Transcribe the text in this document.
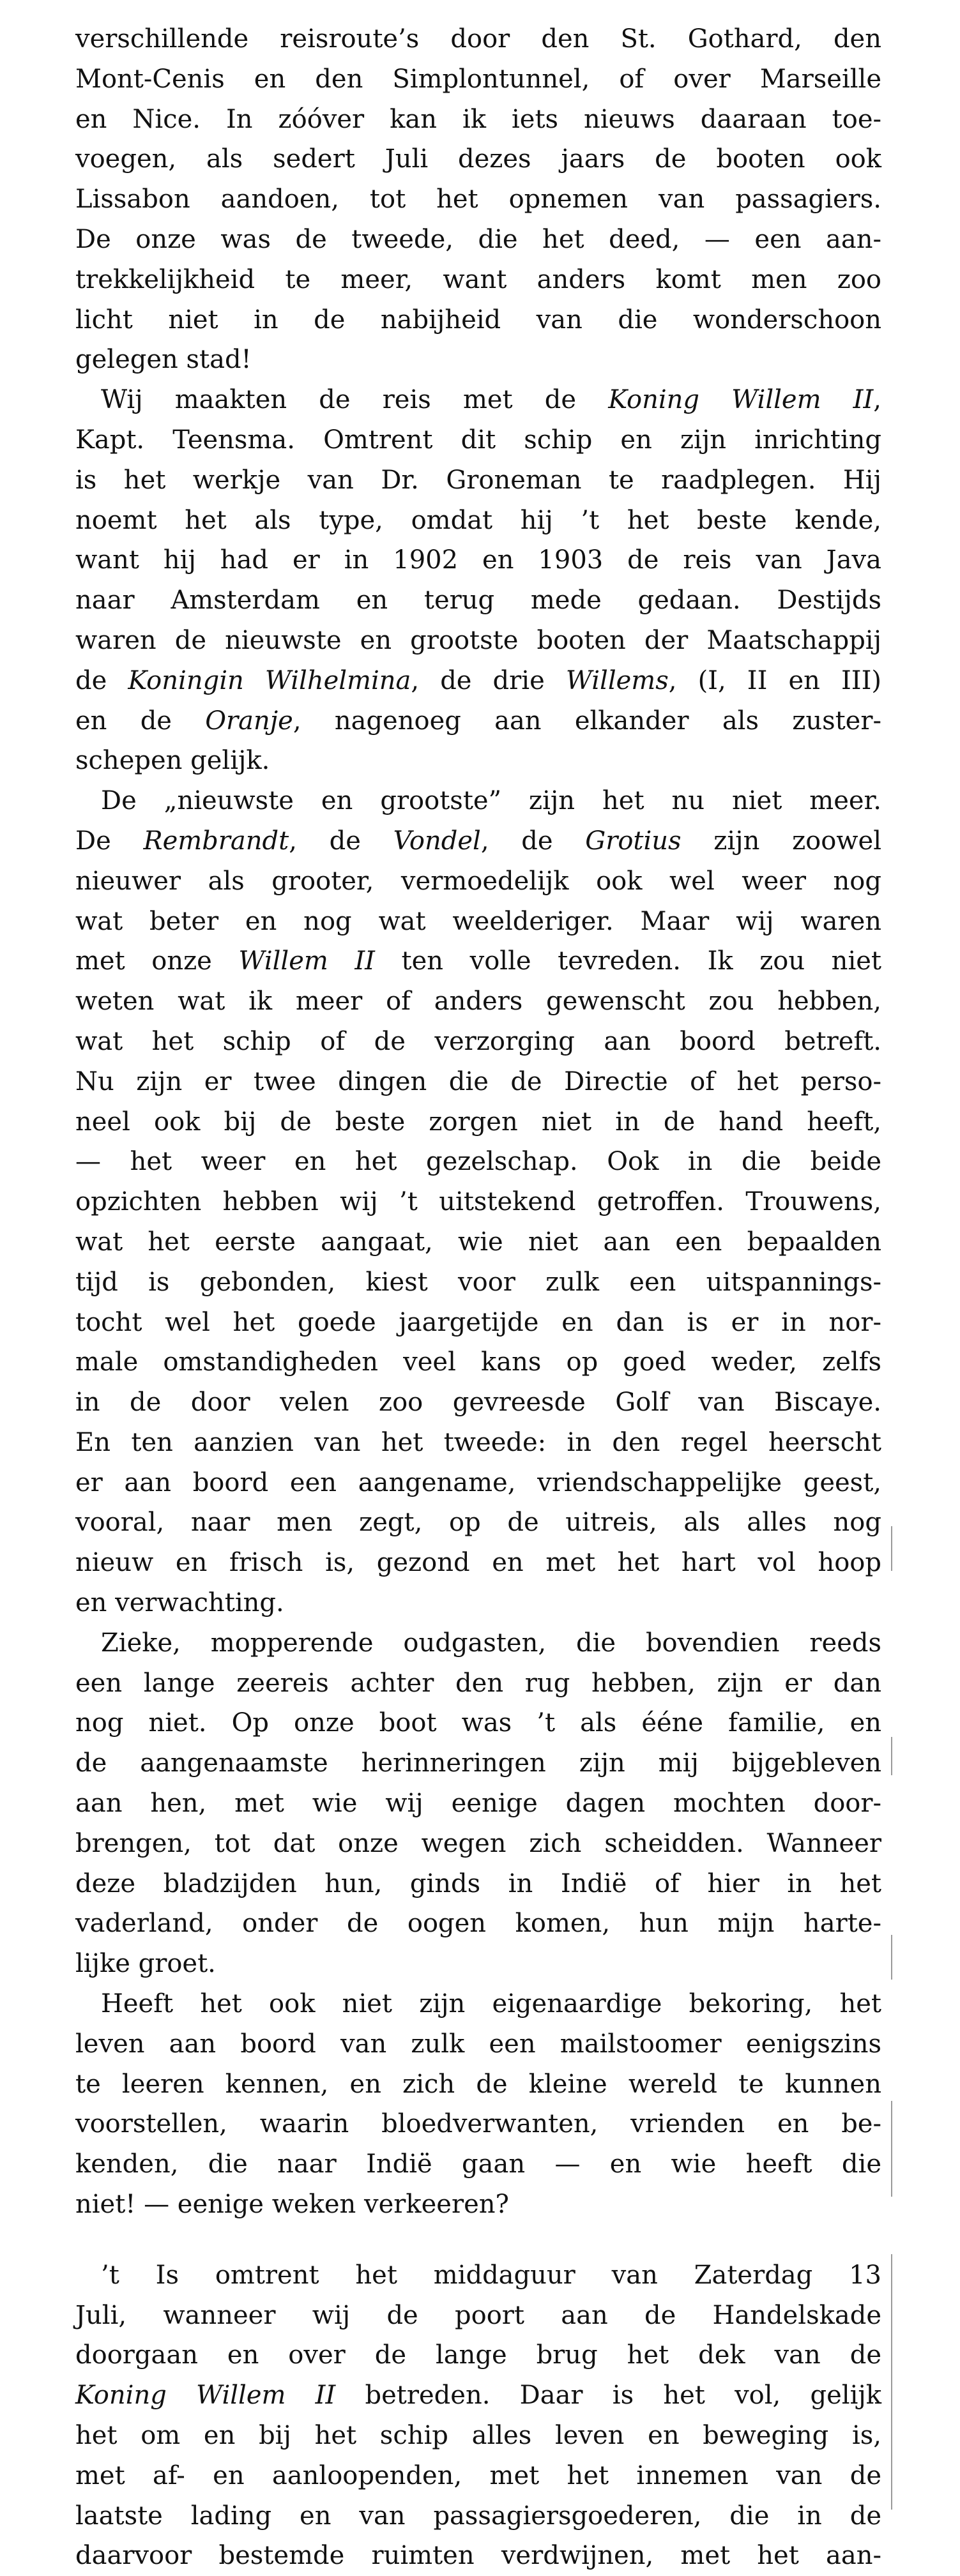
verschillende reisroute’s door den St. Gothard, den
Mont-Cenis en den Simplontunnel, of over Marseille
en Nice. In zóóver kan ik iets nieuws daaraan toe-
voegen, als sedert Juli dezes jaars de booten ook
Lissabon aandoen, tot het opnemen van passagiers.
De onze was de tweede, die het deed, — een aan-
trekkelijkheid te meer, want anders komt men zoo
licht niet in de nabijheid van die wonderschoon
gelegen stad!
Wij maakten de reis met de Koning Willem II,
Kapt. Teensma. Omtrent dit schip en zijn inrichting
is het werkje van Dr. Groneman te raadplegen. Hij
noemt het als type, omdat hij ’t het beste kende,
want hij had er in 1902 en 1903 de reis van Java
naar Amsterdam en terug mede gedaan. Destijds
waren de nieuwste en grootste booten der Maatschappij
de Koningin Wilhelmina, de drie Willems, (I, II en III)
en de Oranje, nagenoeg aan elkander als zuster-
schepen gelijk.
De „nieuwste en grootste” zijn het nu niet meer.
De Rembrandt, de Vondel, de Grotius zijn zoowel
nieuwer als grooter, vermoedelijk ook wel weer nog
wat beter en nog wat weelderiger. Maar wij waren
met onze Willem II ten volle tevreden. Ik zou niet
weten wat ik meer of anders gewenscht zou hebben,
wat het schip of de verzorging aan boord betreft.
Nu zijn er twee dingen die de Directie of het perso-
neel ook bij de beste zorgen niet in de hand heeft,
— het weer en het gezelschap. Ook in die beide
opzichten hebben wij ’t uitstekend getroffen. Trouwens,
wat het eerste aangaat, wie niet aan een bepaalden
tijd is gebonden, kiest voor zulk een uitspannings-
tocht wel het goede jaargetijde en dan is er in nor-
male omstandigheden veel kans op goed weder, zelfs
in de door velen zoo gevreesde Golf van Biscaye.
En ten aanzien van het tweede: in den regel heerscht
er aan boord een aangename, vriendschappelijke geest,
vooral, naar men zegt, op de uitreis, als alles nog
nieuw en frisch is, gezond en met het hart vol hoop
en verwachting.
Zieke, mopperende oudgasten, die bovendien reeds
een lange zeereis achter den rug hebben, zijn er dan
nog niet. Op onze boot was ’t als ééne familie, en
de aangenaamste herinneringen zijn mij bijgebleven
aan hen, met wie wij eenige dagen mochten door-
brengen, tot dat onze wegen zich scheidden. Wanneer
deze bladzijden hun, ginds in Indië of hier in het
vaderland, onder de oogen komen, hun mijn harte-
lijke groet.
Heeft het ook niet zijn eigenaardige bekoring, het
leven aan boord van zulk een mailstoomer eenigszins
te leeren kennen, en zich de kleine wereld te kunnen
voorstellen, waarin bloedverwanten, vrienden en be-
kenden, die naar Indië gaan — en wie heeft die
niet! — eenige weken verkeeren?
’t Is omtrent het middaguur van Zaterdag 13
Juli, wanneer wij de poort aan de Handelskade
doorgaan en over de lange brug het dek van de
Koning Willem II betreden. Daar is het vol, gelijk
het om en bij het schip alles leven en beweging is,
met af- en aanloopenden, met het innemen van de
laatste lading en van passagiersgoederen, die in de
daarvoor bestemde ruimten verdwijnen, met het aan-
